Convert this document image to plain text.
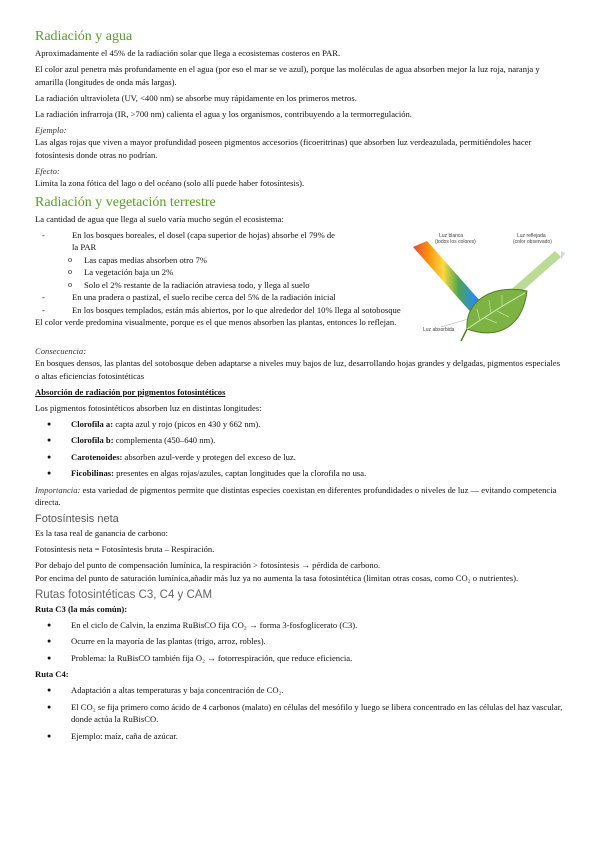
Radiación y agua

Aproximadamente el 45% de la radiación solar que llega a ecosistemas costeros en PAR.

El color azul penetra más profundamente en el agua (por eso el mar se ve azul), porque las moléculas de agua absorben mejor la luz roja, naranja y amarilla (longitudes de onda más largas).

La radiación ultravioleta (UV, <400 nm) se absorbe muy rápidamente en los primeros metros.

La radiación infrarroja (IR, >700 nm) calienta el agua y los organismos, contribuyendo a la termorregulación.

Ejemplo:

Las algas rojas que viven a mayor profundidad poseen pigmentos accesorios (ficoeritrinas) que absorben luz verdeazulada, permitiéndoles hacer fotosíntesis donde otras no podrían.

Efecto:

Limita la zona fótica del lago o del océano (solo allí puede haber fotosíntesis).

Radiación y vegetación terrestre

La cantidad de agua que llega al suelo varía mucho según el ecosistema:

Luz blanca
(todos los colores)
Luz reflejada
(color observado)
Luz absorbida
- En los bosques boreales, el dosel (capa superior de hojas) absorbe el 79% de la PAR
o Las capas medias absorben otro 7%
o La vegetación baja un 2%
o Solo el 2% restante de la radiación atraviesa todo, y llega al suelo
- En una pradera o pastizal, el suelo recibe cerca del 5% de la radiación inicial
- En los bosques templados, están más abiertos, por lo que alrededor del 10% llega al sotobosque

El color verde predomina visualmente, porque es el que menos absorben las plantas, entonces lo reflejan.

Consecuencia:

En bosques densos, las plantas del sotobosque deben adaptarse a niveles muy bajos de luz, desarrollando hojas grandes y delgadas, pigmentos especiales o altas eficiencias fotosintéticas

Absorción de radiación por pigmentos fotosintéticos

Los pigmentos fotosintéticos absorben luz en distintas longitudes:

● Clorofila a: capta azul y rojo (picos en 430 y 662 nm).
● Clorofila b: complementa (450–640 nm).
● Carotenoides: absorben azul-verde y protegen del exceso de luz.
● Ficobilinas: presentes en algas rojas/azules, captan longitudes que la clorofila no usa.

Importancia: esta variedad de pigmentos permite que distintas especies coexistan en diferentes profundidades o niveles de luz — evitando competencia directa.

Fotosíntesis neta

Es la tasa real de ganancia de carbono:

Fotosíntesis neta = Fotosíntesis bruta – Respiración.

Por debajo del punto de compensación lumínica, la respiración > fotosíntesis → pérdida de carbono.

Por encima del punto de saturación lumínica,añadir más luz ya no aumenta la tasa fotosintética (limitan otras cosas, como CO₂ o nutrientes).

Rutas fotosintéticas C3, C4 y CAM

Ruta C3 (la más común):

● En el ciclo de Calvin, la enzima RuBisCO fija CO₂ → forma 3-fosfoglicerato (C3).
● Ocurre en la mayoría de las plantas (trigo, arroz, robles).
● Problema: la RuBisCO también fija O₂ → fotorrespiración, que reduce eficiencia.

Ruta C4:

● Adaptación a altas temperaturas y baja concentración de CO₂.
● El CO₂ se fija primero como ácido de 4 carbonos (malato) en células del mesófilo y luego se libera concentrado en las células del haz vascular, donde actúa la RuBisCO.
● Ejemplo: maíz, caña de azúcar.
